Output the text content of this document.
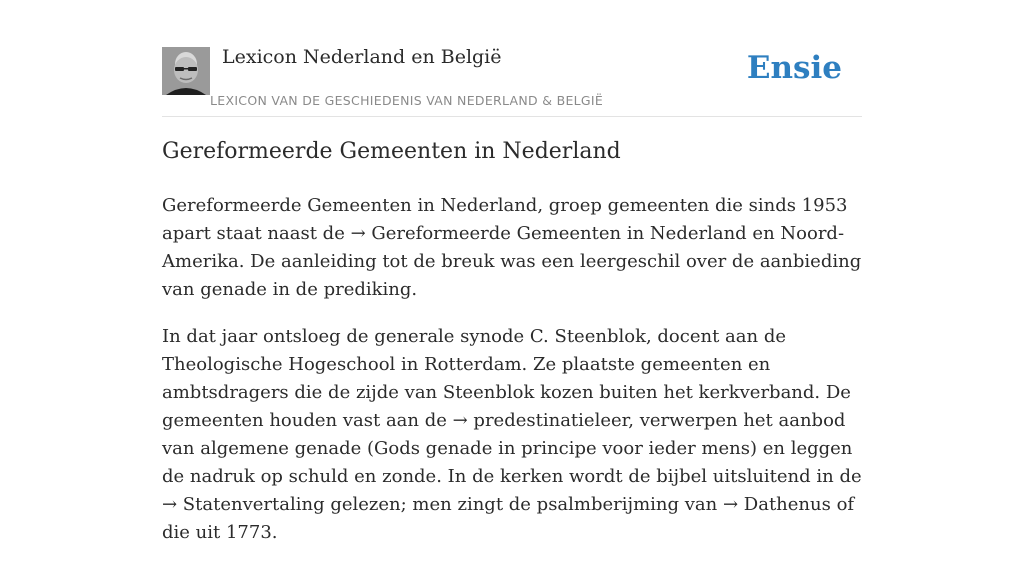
Lexicon Nederland en België
LEXICON VAN DE GESCHIEDENIS VAN NEDERLAND & BELGIË
Ensie
Gereformeerde Gemeenten in Nederland

Gereformeerde Gemeenten in Nederland, groep gemeenten die sinds 1953 apart staat naast de → Gereformeerde Gemeenten in Nederland en Noord-Amerika. De aanleiding tot de breuk was een leergeschil over de aanbieding van genade in de prediking.

In dat jaar ontsloeg de generale synode C. Steenblok, docent aan de Theologische Hogeschool in Rotterdam. Ze plaatste gemeenten en ambtsdragers die de zijde van Steenblok kozen buiten het kerkverband. De gemeenten houden vast aan de → predestinatieleer, verwerpen het aanbod van algemene genade (Gods genade in principe voor ieder mens) en leggen de nadruk op schuld en zonde. In de kerken wordt de bijbel uitsluitend in de → Statenvertaling gelezen; men zingt de psalmberijming van → Dathenus of die uit 1773.
